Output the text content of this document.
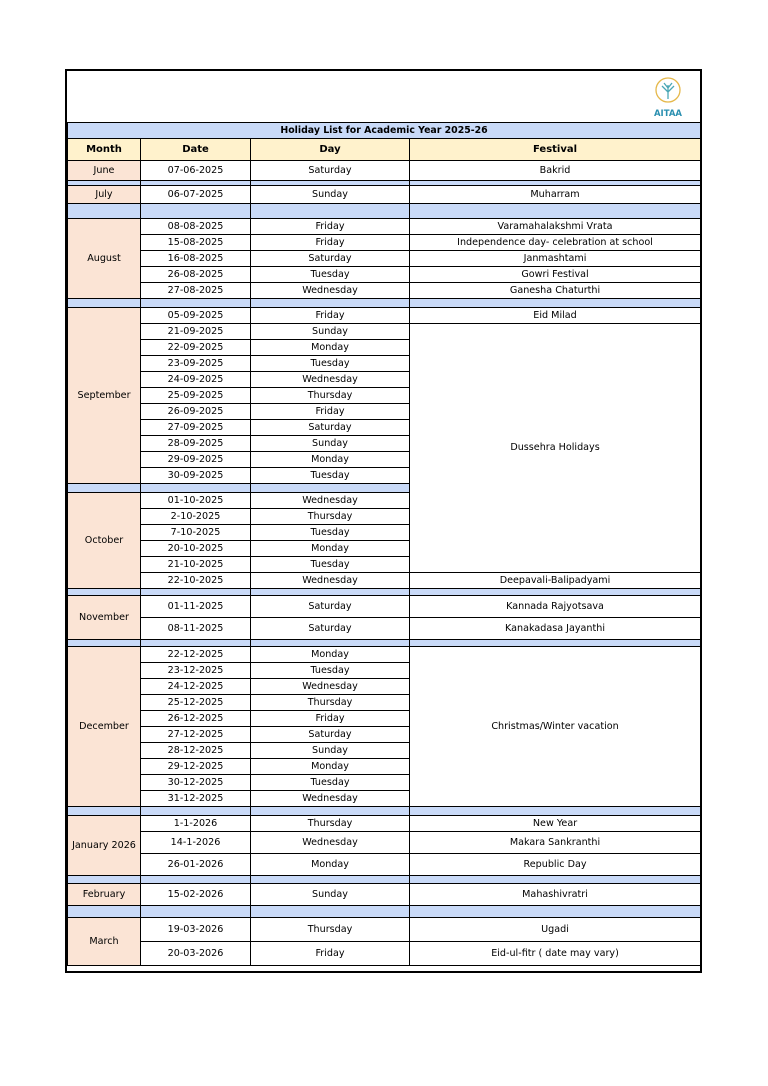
AITAA
Holiday List for Academic Year 2025-26				
Month	Date	Day	Festival	
June	07-06-2025	Saturday	Bakrid	

July	06-07-2025	Sunday	Muharram	

August	08-08-2025	Friday	Varamahalakshmi Vrata	
	15-08-2025	Friday	Independence day- celebration at school	
	16-08-2025	Saturday	Janmashtami	
	26-08-2025	Tuesday	Gowri Festival	
	27-08-2025	Wednesday	Ganesha Chaturthi	

September	05-09-2025	Friday	Eid Milad	
	21-09-2025	Sunday	Dussehra Holidays	
	22-09-2025	Monday		
	23-09-2025	Tuesday		
	24-09-2025	Wednesday		
	25-09-2025	Thursday		
	26-09-2025	Friday		
	27-09-2025	Saturday		
	28-09-2025	Sunday		
	29-09-2025	Monday		
	30-09-2025	Tuesday		

October	01-10-2025	Wednesday		
	2-10-2025	Thursday		
	7-10-2025	Tuesday	
	20-10-2025	Monday	
	21-10-2025	Tuesday	
	22-10-2025	Wednesday	Deepavali-Balipadyami	

November	01-11-2025	Saturday	Kannada Rajyotsava	
	08-11-2025	Saturday	Kanakadasa Jayanthi	

December	22-12-2025	Monday	Christmas/Winter vacation	
	23-12-2025	Tuesday		
	24-12-2025	Wednesday		
	25-12-2025	Thursday		
	26-12-2025	Friday		
	27-12-2025	Saturday		
	28-12-2025	Sunday		
	29-12-2025	Monday		
	30-12-2025	Tuesday		
	31-12-2025	Wednesday		

January 2026	1-1-2026	Thursday	New Year	
	14-1-2026	Wednesday	Makara Sankranthi	
	26-01-2026	Monday	Republic Day	

February	15-02-2026	Sunday	Mahashivratri	

March	19-03-2026	Thursday	Ugadi	
	20-03-2026	Friday	Eid-ul-fitr ( date may vary)	
